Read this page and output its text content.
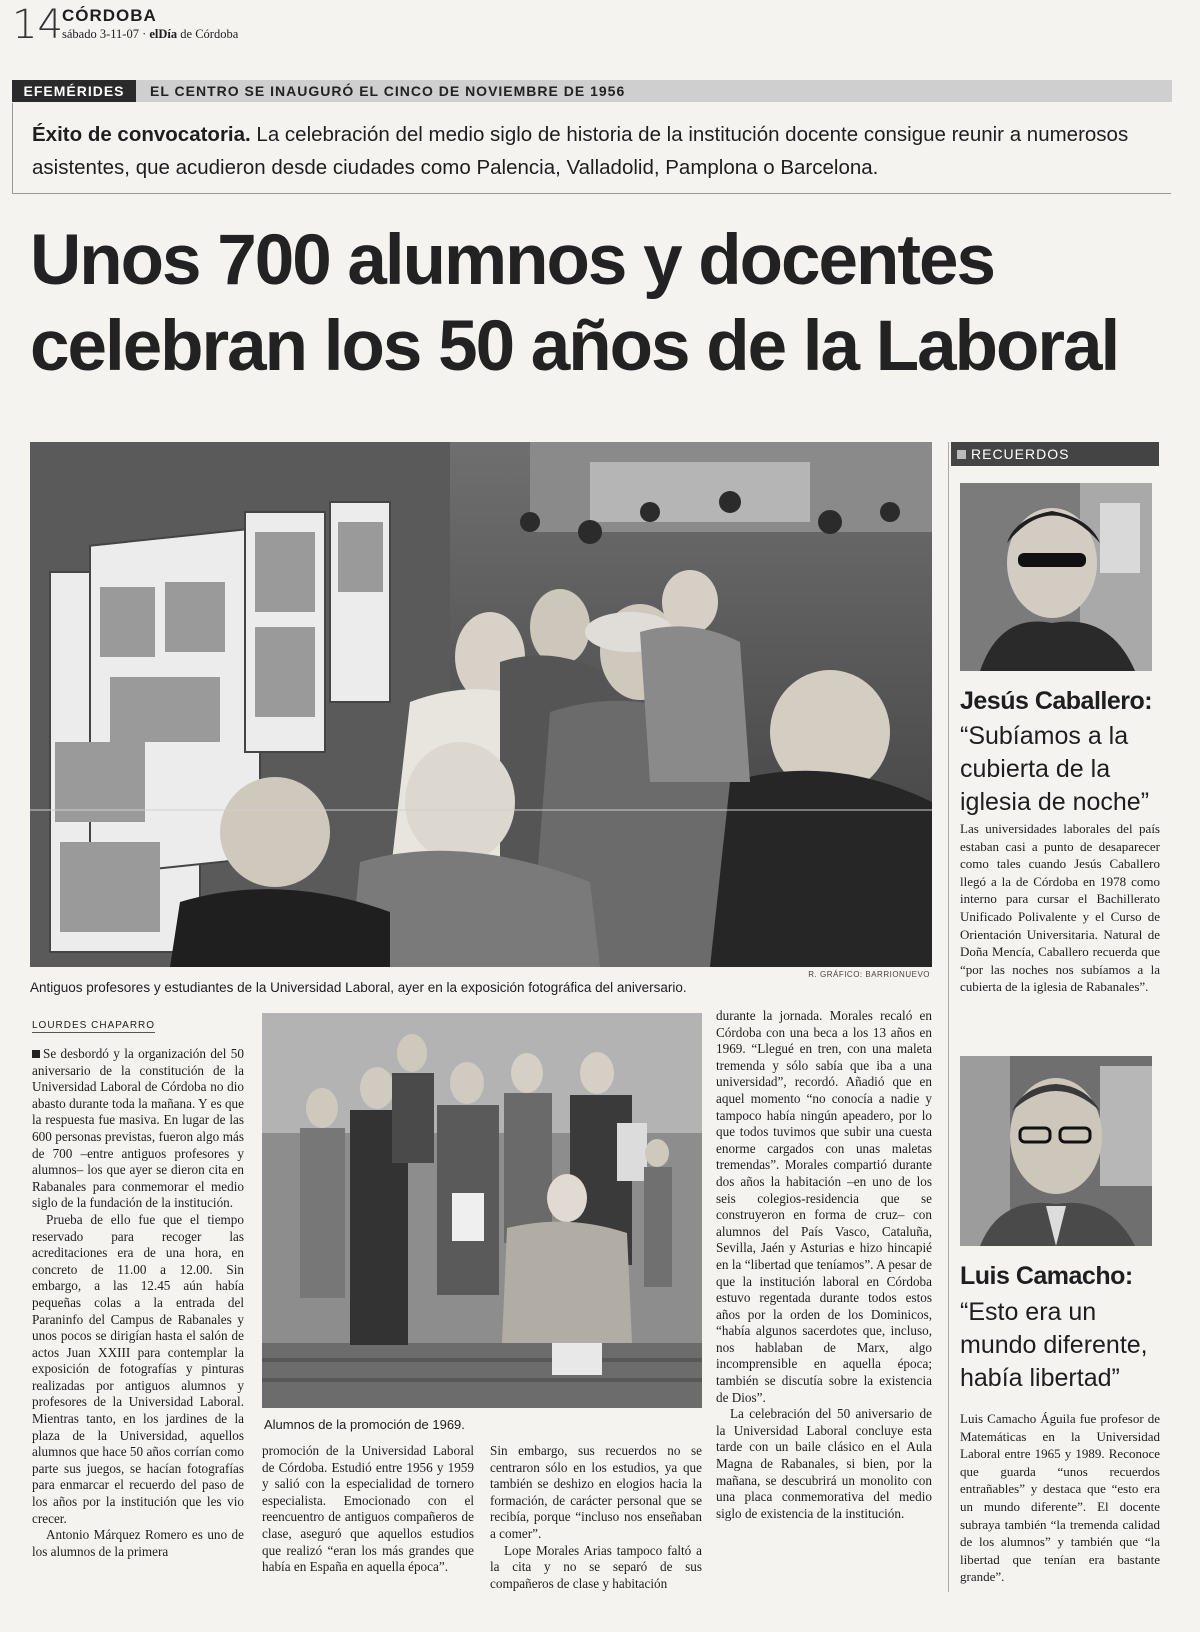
14 CÓRDOBA
sábado 3-11-07 · elDía de Córdoba
EFEMÉRIDES	EL CENTRO SE INAUGURÓ EL CINCO DE NOVIEMBRE DE 1956
Éxito de convocatoria. La celebración del medio siglo de historia de la institución docente consigue reunir a numerosos asistentes, que acudieron desde ciudades como Palencia, Valladolid, Pamplona o Barcelona.
Unos 700 alumnos y docentes
celebran los 50 años de la Laboral
R. GRÁFICO: BARRIONUEVO
Antiguos profesores y estudiantes de la Universidad Laboral, ayer en la exposición fotográfica del aniversario.
RECUERDOS
Jesús Caballero:
“Subíamos a la cubierta de la iglesia de noche”
Las universidades laborales del país estaban casi a punto de desaparecer como tales cuando Jesús Caballero llegó a la de Córdoba en 1978 como interno para cursar el Bachillerato Unificado Polivalente y el Curso de Orientación Universitaria. Natural de Doña Mencía, Caballero recuerda que “por las noches nos subíamos a la cubierta de la iglesia de Rabanales”.
Luis Camacho:
“Esto era un mundo diferente, había libertad”
Luis Camacho Águila fue profesor de Matemáticas en la Universidad Laboral entre 1965 y 1989. Reconoce que guarda “unos recuerdos entrañables” y destaca que “esto era un mundo diferente”. El docente subraya también “la tremenda calidad de los alumnos” y también que “la libertad que tenían era bastante grande”.
LOURDES CHAPARRO

Se desbordó y la organización del 50 aniversario de la constitución de la Universidad Laboral de Córdoba no dio abasto durante toda la mañana. Y es que la respuesta fue masiva. En lugar de las 600 personas previstas, fueron algo más de 700 –entre antiguos profesores y alumnos– los que ayer se dieron cita en Rabanales para conmemorar el medio siglo de la fundación de la institución.

Prueba de ello fue que el tiempo reservado para recoger las acreditaciones era de una hora, en concreto de 11.00 a 12.00. Sin embargo, a las 12.45 aún había pequeñas colas a la entrada del Paraninfo del Campus de Rabanales y unos pocos se dirigían hasta el salón de actos Juan XXIII para contemplar la exposición de fotografías y pinturas realizadas por antiguos alumnos y profesores de la Universidad Laboral. Mientras tanto, en los jardines de la plaza de la Universidad, aquellos alumnos que hace 50 años corrían como parte sus juegos, se hacían fotografías para enmarcar el recuerdo del paso de los años por la institución que les vio crecer.

Antonio Márquez Romero es uno de los alumnos de la primera

Alumnos de la promoción de 1969.

promoción de la Universidad Laboral de Córdoba. Estudió entre 1956 y 1959 y salió con la especialidad de tornero especialista. Emocionado con el reencuentro de antiguos compañeros de clase, aseguró que aquellos estudios que realizó “eran los más grandes que había en España en aquella época”.

Sin embargo, sus recuerdos no se centraron sólo en los estudios, ya que también se deshizo en elogios hacia la formación, de carácter personal que se recibía, porque “incluso nos enseñaban a comer”.

Lope Morales Arias tampoco faltó a la cita y no se separó de sus compañeros de clase y habitación

durante la jornada. Morales recaló en Córdoba con una beca a los 13 años en 1969. “Llegué en tren, con una maleta tremenda y sólo sabía que iba a una universidad”, recordó. Añadió que en aquel momento “no conocía a nadie y tampoco había ningún apeadero, por lo que todos tuvimos que subir una cuesta enorme cargados con unas maletas tremendas”. Morales compartió durante dos años la habitación –en uno de los seis colegios-residencia que se construyeron en forma de cruz– con alumnos del País Vasco, Cataluña, Sevilla, Jaén y Asturias e hizo hincapié en la “libertad que teníamos”. A pesar de que la institución laboral en Córdoba estuvo regentada durante todos estos años por la orden de los Dominicos, “había algunos sacerdotes que, incluso, nos hablaban de Marx, algo incomprensible en aquella época; también se discutía sobre la existencia de Dios”.

La celebración del 50 aniversario de la Universidad Laboral concluye esta tarde con un baile clásico en el Aula Magna de Rabanales, si bien, por la mañana, se descubrirá un monolito con una placa conmemorativa del medio siglo de existencia de la institución.
